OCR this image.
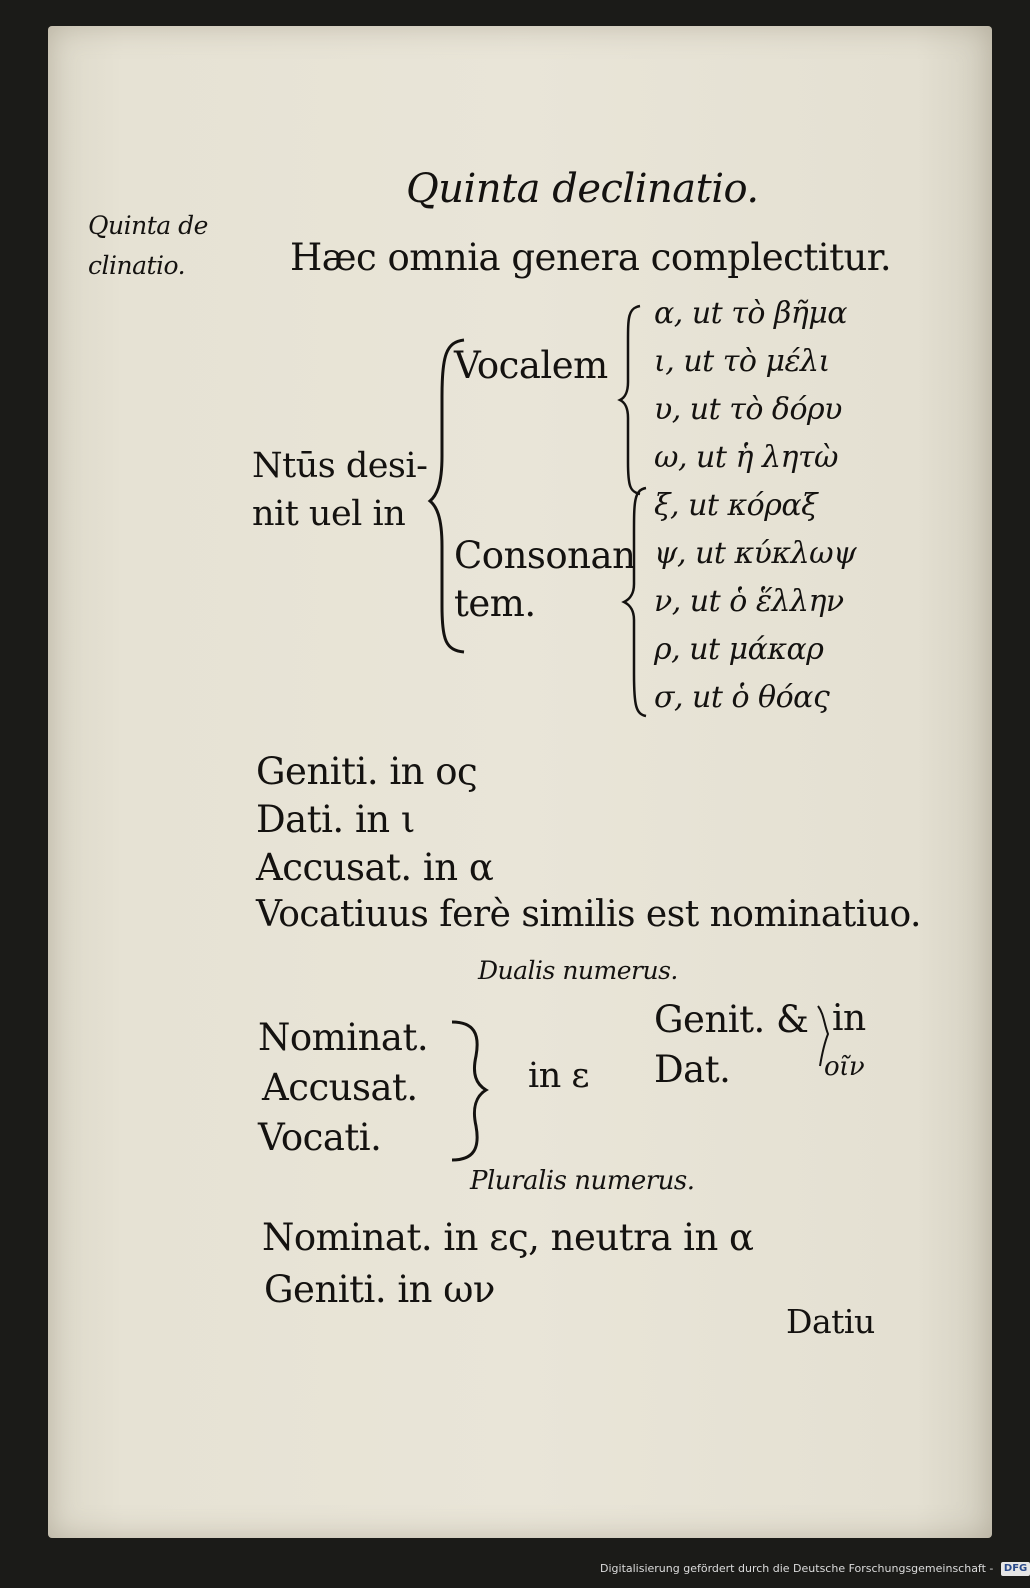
Quinta de
clinatio.
Quinta declinatio.
Hæc omnia genera complectitur.
Ntūs desi-
nit uel in
Vocalem
Consonan
tem.
α, ut τὸ βῆμα
ι, ut τὸ μέλι
υ, ut τὸ δόρυ
ω, ut ἡ λητὼ
ξ, ut κόραξ
ψ, ut κύκλωψ
ν, ut ὁ ἕλλην
ρ, ut μάκαρ
σ, ut ὁ θόας
Geniti. in ος
Dati. in ι
Accusat. in α
Vocatiuus ferè similis est nominatiuo.
Dualis numerus.
Nominat.
Accusat.
Vocati.
in ε
Genit. &
Dat.
in
οῖν
Pluralis numerus.
Nominat. in ες, neutra in α
Geniti. in ων
Datiu
Digitalisierung gefördert durch die Deutsche Forschungsgemeinschaft - DFG
